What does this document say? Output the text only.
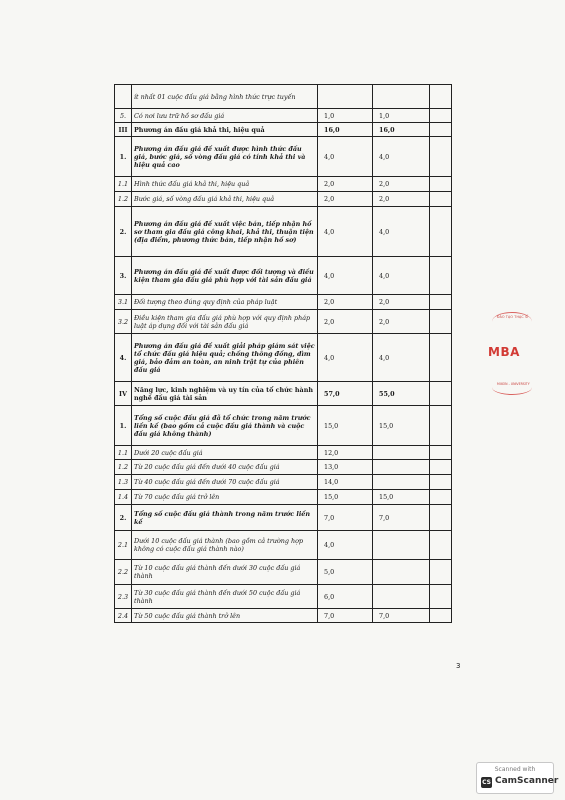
	ít nhất 01 cuộc đấu giá bằng hình thức trực tuyến			
5.	Có nơi lưu trữ hồ sơ đấu giá	1,0	1,0	
III	Phương án đấu giá khả thi, hiệu quả	16,0	16,0	
1.	Phương án đấu giá đề xuất được hình thức đấu giá, bước giá, số vòng đấu giá có tính khả thi và hiệu quả cao	4,0	4,0	
1.1	Hình thức đấu giá khả thi, hiệu quả	2,0	2,0	
1.2	Bước giá, số vòng đấu giá khả thi, hiệu quả	2,0	2,0	
2.	Phương án đấu giá đề xuất việc bán, tiếp nhận hồ sơ tham gia đấu giá công khai, khả thi, thuận tiện (địa điểm, phương thức bán, tiếp nhận hồ sơ)	4,0	4,0	
3.	Phương án đấu giá đề xuất được đối tượng và điều kiện tham gia đấu giá phù hợp với tài sản đấu giá	4,0	4,0	
3.1	Đối tượng theo đúng quy định của pháp luật	2,0	2,0	
3.2	Điều kiện tham gia đấu giá phù hợp với quy định pháp luật áp dụng đối với tài sản đấu giá	2,0	2,0	
4.	Phương án đấu giá đề xuất giải pháp giám sát việc tổ chức đấu giá hiệu quả; chống thông đồng, dìm giá, bảo đảm an toàn, an ninh trật tự của phiên đấu giá	4,0	4,0	
IV	Năng lực, kinh nghiệm và uy tín của tổ chức hành nghề đấu giá tài sản	57,0	55,0	
1.	Tổng số cuộc đấu giá đã tổ chức trong năm trước liền kề (bao gồm cả cuộc đấu giá thành và cuộc đấu giá không thành)	15,0	15,0	
1.1	Dưới 20 cuộc đấu giá	12,0		
1.2	Từ 20 cuộc đấu giá đến dưới 40 cuộc đấu giá	13,0		
1.3	Từ 40 cuộc đấu giá đến dưới 70 cuộc đấu giá	14,0		
1.4	Từ 70 cuộc đấu giá trở lên	15,0	15,0	
2.	Tổng số cuộc đấu giá thành trong năm trước liền kề	7,0	7,0	
2.1	Dưới 10 cuộc đấu giá thành (bao gồm cả trường hợp không có cuộc đấu giá thành nào)	4,0		
2.2	Từ 10 cuộc đấu giá thành đến dưới 30 cuộc đấu giá thành	5,0		
2.3	Từ 30 cuộc đấu giá thành đến dưới 50 cuộc đấu giá thành	6,0		
2.4	Từ 50 cuộc đấu giá thành trở lên	7,0	7,0	
3
ĐÀO TẠO THẠC SĨ
MBA
MIXON - UNIVERSITY
Scanned with
CS CamScanner
